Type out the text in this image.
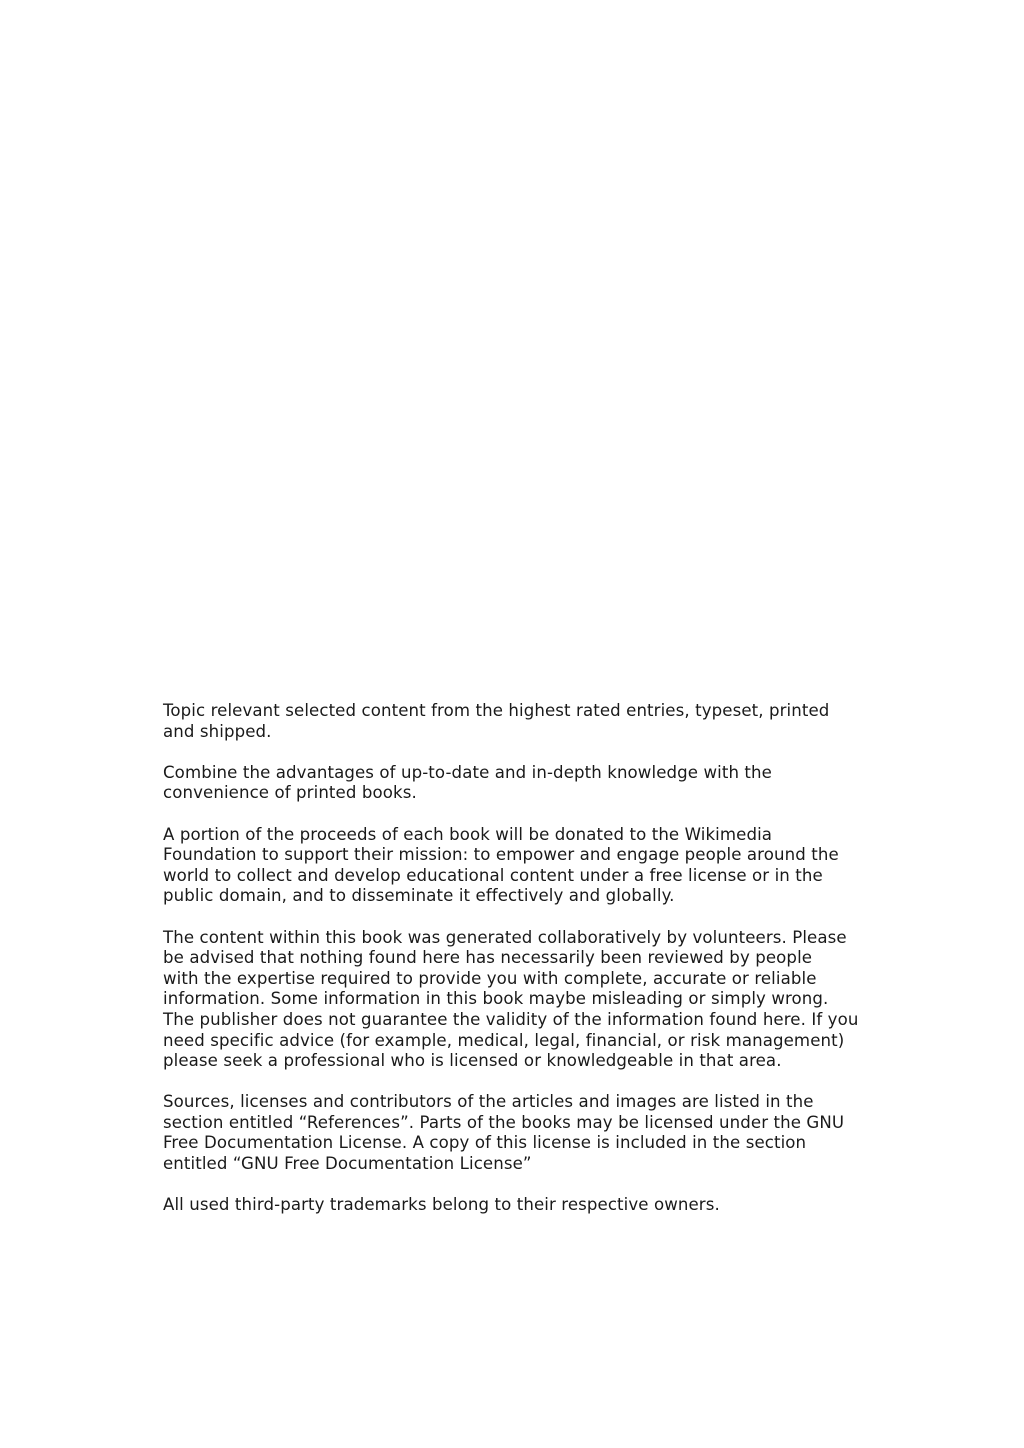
Topic relevant selected content from the highest rated entries, typeset, printed
and shipped.

Combine the advantages of up-to-date and in-depth knowledge with the
convenience of printed books.

A portion of the proceeds of each book will be donated to the Wikimedia
Foundation to support their mission: to empower and engage people around the
world to collect and develop educational content under a free license or in the
public domain, and to disseminate it effectively and globally.

The content within this book was generated collaboratively by volunteers. Please
be advised that nothing found here has necessarily been reviewed by people
with the expertise required to provide you with complete, accurate or reliable
information. Some information in this book maybe misleading or simply wrong.
The publisher does not guarantee the validity of the information found here. If you
need specific advice (for example, medical, legal, financial, or risk management)
please seek a professional who is licensed or knowledgeable in that area.

Sources, licenses and contributors of the articles and images are listed in the
section entitled “References”. Parts of the books may be licensed under the GNU
Free Documentation License. A copy of this license is included in the section
entitled “GNU Free Documentation License”

All used third-party trademarks belong to their respective owners.
